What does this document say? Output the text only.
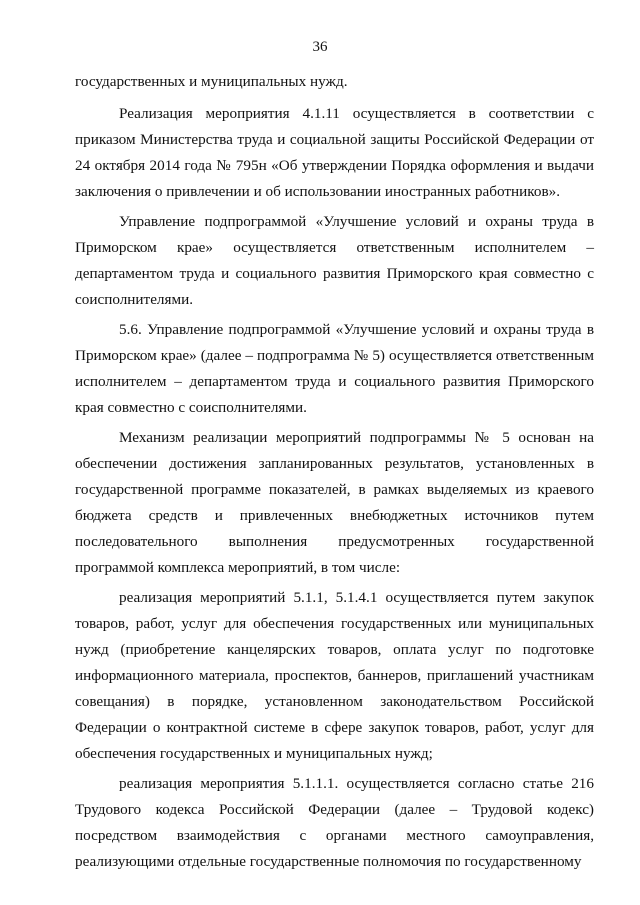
36

государственных и муниципальных нужд.

Реализация мероприятия 4.1.11 осуществляется в соответствии с приказом Министерства труда и социальной защиты Российской Федерации от 24 октября 2014 года № 795н «Об утверждении Порядка оформления и выдачи заключения о привлечении и об использовании иностранных работников».

Управление подпрограммой «Улучшение условий и охраны труда в Приморском крае» осуществляется ответственным исполнителем – департаментом труда и социального развития Приморского края совместно с соисполнителями.

5.6. Управление подпрограммой «Улучшение условий и охраны труда в Приморском крае» (далее – подпрограмма № 5) осуществляется ответственным исполнителем – департаментом труда и социального развития Приморского края совместно с соисполнителями.

Механизм реализации мероприятий подпрограммы № 5 основан на обеспечении достижения запланированных результатов, установленных в государственной программе показателей, в рамках выделяемых из краевого бюджета средств и привлеченных внебюджетных источников путем последовательного выполнения предусмотренных государственной программой комплекса мероприятий, в том числе:

реализация мероприятий 5.1.1, 5.1.4.1 осуществляется путем закупок товаров, работ, услуг для обеспечения государственных или муниципальных нужд (приобретение канцелярских товаров, оплата услуг по подготовке информационного материала, проспектов, баннеров, приглашений участникам совещания) в порядке, установленном законодательством Российской Федерации о контрактной системе в сфере закупок товаров, работ, услуг для обеспечения государственных и муниципальных нужд;

реализация мероприятия 5.1.1.1. осуществляется согласно статье 216 Трудового кодекса Российской Федерации (далее – Трудовой кодекс) посредством взаимодействия с органами местного самоуправления, реализующими отдельные государственные полномочия по государственному
